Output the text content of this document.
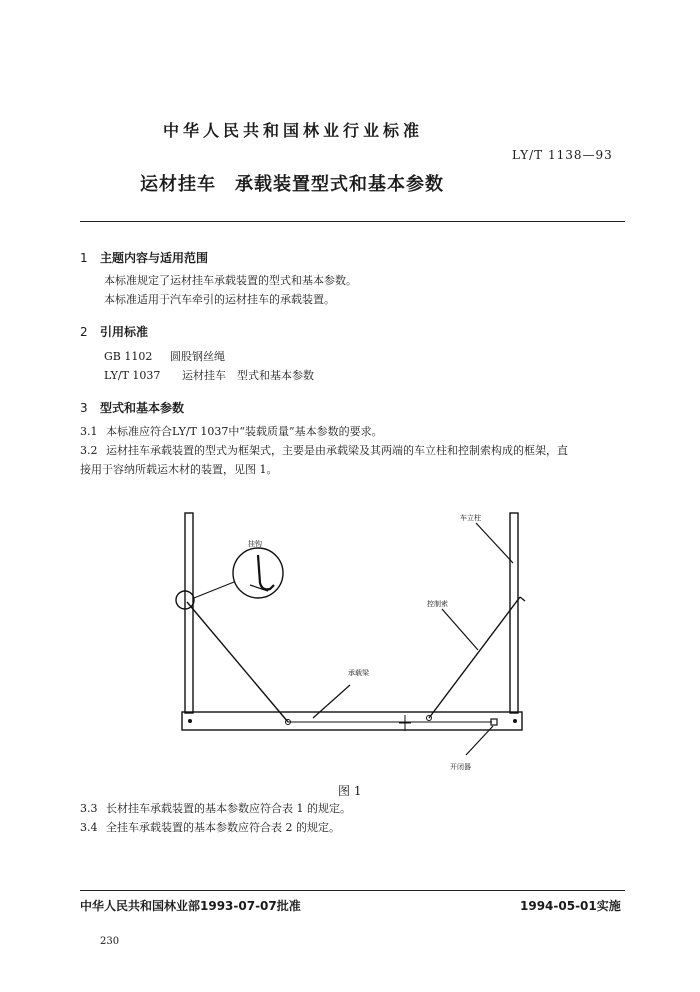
中华人民共和国林业行业标准
LY/T 1138—93
运材挂车　承载装置型式和基本参数
1 主题内容与适用范围
本标准规定了运材挂车承载装置的型式和基本参数。
本标准适用于汽车牵引的运材挂车的承载装置。
2 引用标准
GB 1102 圆股钢丝绳
LY/T 1037 运材挂车　型式和基本参数
3 型式和基本参数
3.1 本标准应符合LY/T 1037中“装载质量”基本参数的要求。
3.2 运材挂车承载装置的型式为框架式，主要是由承载梁及其两端的车立柱和控制索构成的框架，直
接用于容纳所载运木材的装置，见图 1。
挂钩
车立柱
控制索
承载梁
开闭器
图 1
3.3 长材挂车承载装置的基本参数应符合表 1 的规定。
3.4 全挂车承载装置的基本参数应符合表 2 的规定。
中华人民共和国林业部1993-07-07批准	1994-05-01实施
230
